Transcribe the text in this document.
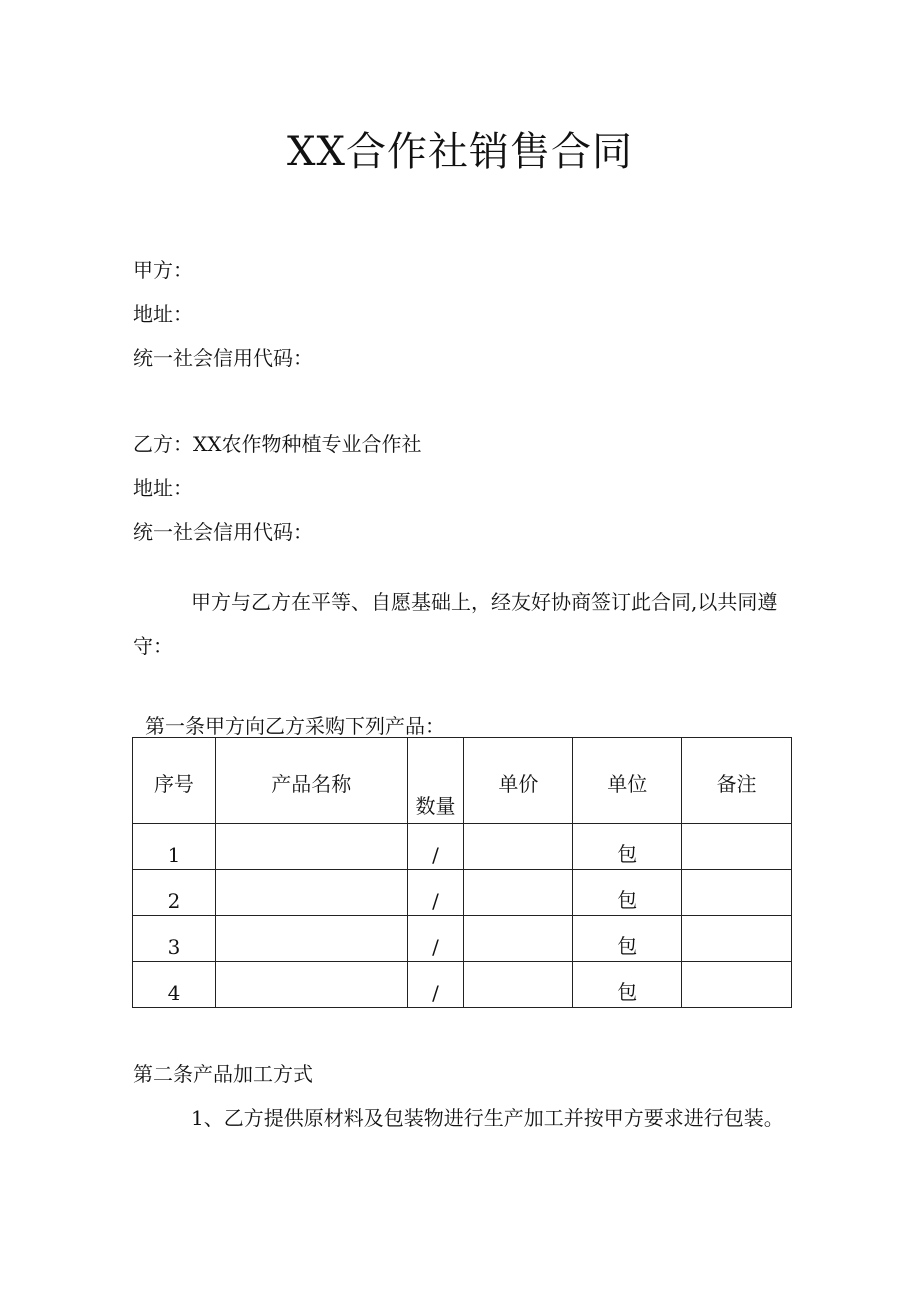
XX合作社销售合同
甲方：
地址：
统一社会信用代码：
乙方：XX农作物种植专业合作社
地址：
统一社会信用代码：
甲方与乙方在平等、自愿基础上，经友好协商签订此合同,以共同遵守：
第一条甲方向乙方采购下列产品：
序号	产品名称	数量	单价	单位	备注
1		/		包	
2		/		包	
3		/		包	
4		/		包	
第二条产品加工方式
1、乙方提供原材料及包装物进行生产加工并按甲方要求进行包装。
